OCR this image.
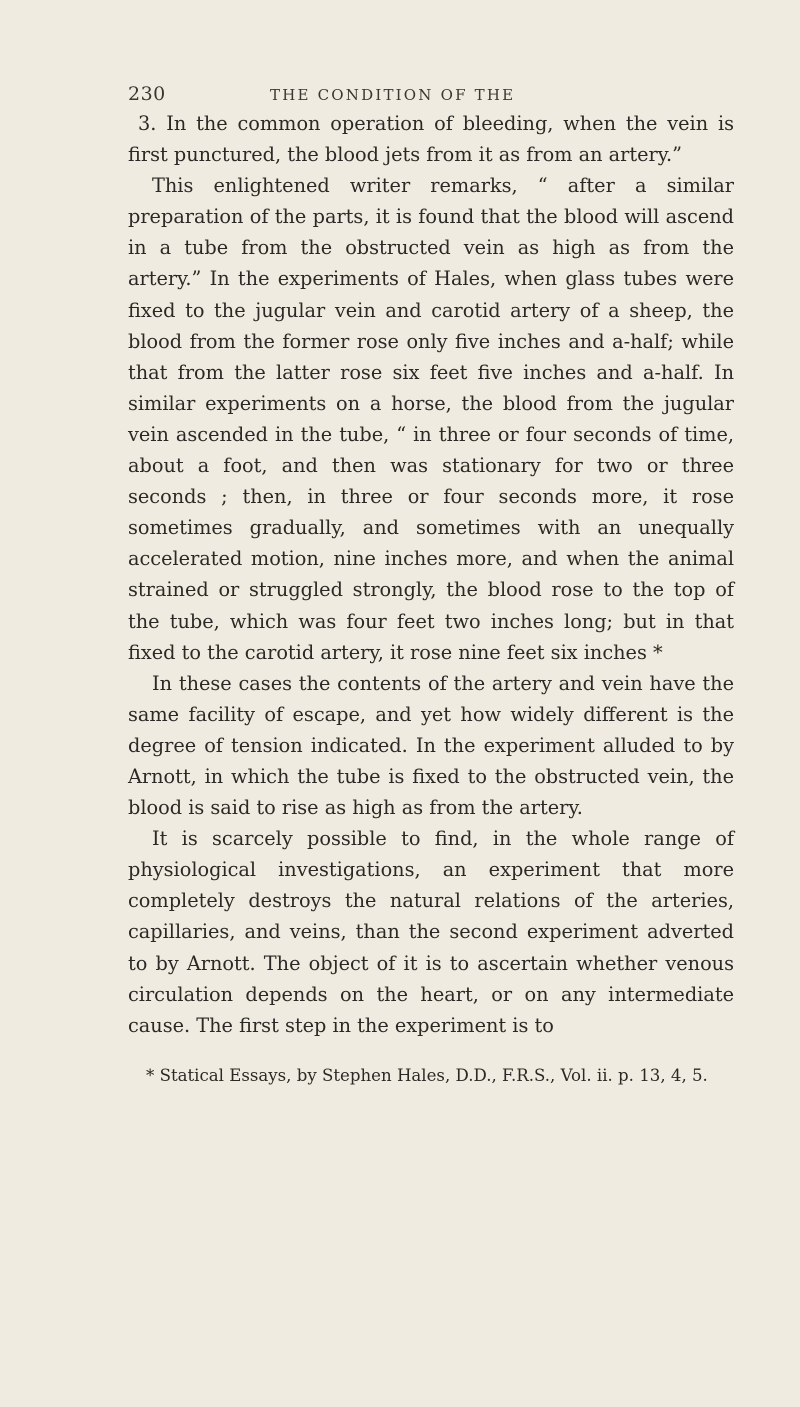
230	THE CONDITION OF THE

3. In the common operation of bleeding, when the vein is first punctured, the blood jets from it as from an artery.”

This enlightened writer remarks, “ after a similar preparation of the parts, it is found that the blood will ascend in a tube from the obstructed vein as high as from the artery.” In the experiments of Hales, when glass tubes were fixed to the jugular vein and carotid artery of a sheep, the blood from the former rose only five inches and a-half; while that from the latter rose six feet five inches and a-half. In similar experiments on a horse, the blood from the jugular vein ascended in the tube, “ in three or four seconds of time, about a foot, and then was stationary for two or three seconds ; then, in three or four seconds more, it rose sometimes gradually, and sometimes with an unequally accelerated motion, nine inches more, and when the animal strained or struggled strongly, the blood rose to the top of the tube, which was four feet two inches long; but in that fixed to the carotid artery, it rose nine feet six inches *

In these cases the contents of the artery and vein have the same facility of escape, and yet how widely different is the degree of tension indicated. In the experiment alluded to by Arnott, in which the tube is fixed to the obstructed vein, the blood is said to rise as high as from the artery.

It is scarcely possible to find, in the whole range of physiological investigations, an experiment that more completely destroys the natural relations of the arteries, capillaries, and veins, than the second experiment adverted to by Arnott. The object of it is to ascertain whether venous circulation depends on the heart, or on any intermediate cause. The first step in the experiment is to

* Statical Essays, by Stephen Hales, D.D., F.R.S., Vol. ii. p. 13, 4, 5.
